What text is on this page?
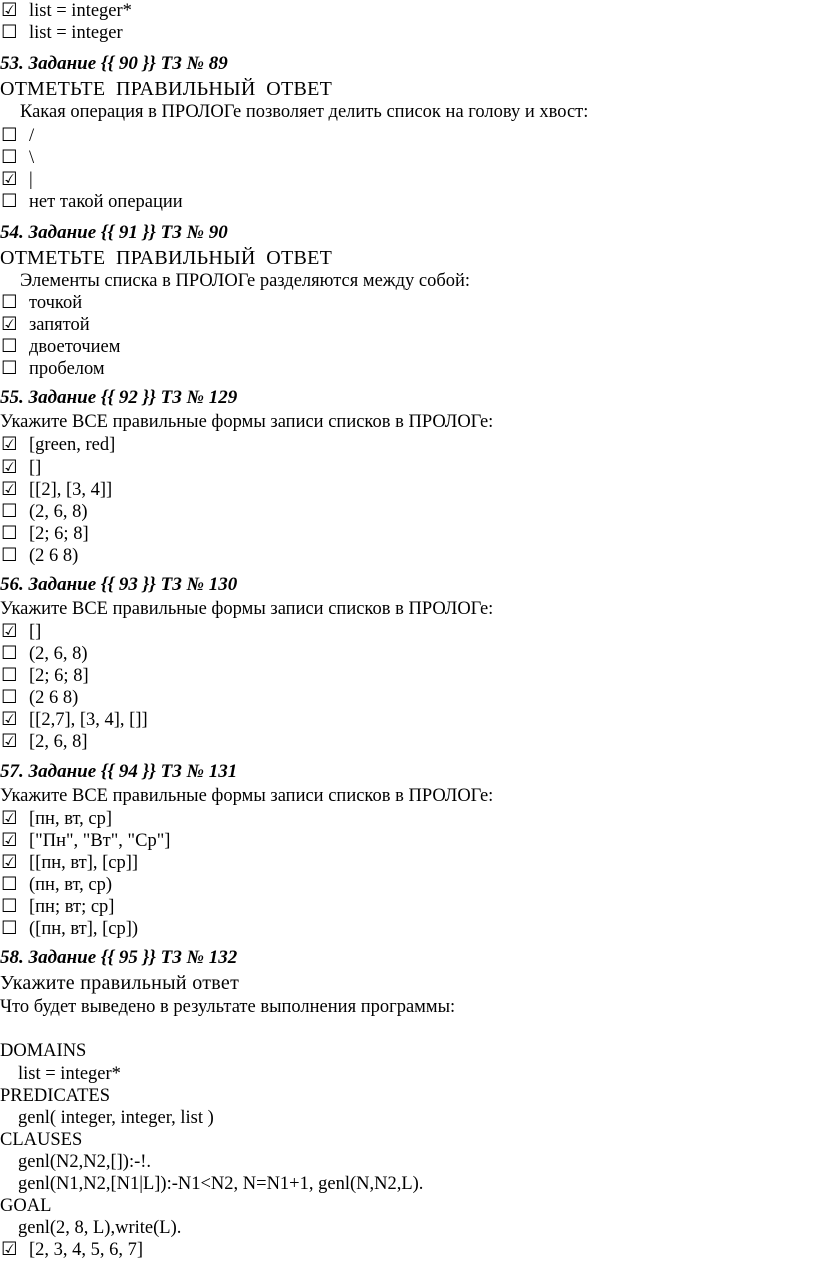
☑ list = integer*
☐ list = integer
53. Задание {{ 90 }} ТЗ № 89
ОТМЕТЬТЕ  ПРАВИЛЬНЫЙ  ОТВЕТ
Какая операция в ПРОЛОГе позволяет делить список на голову и хвост:
☐ /
☐ \
☑ |
☐ нет такой операции
54. Задание {{ 91 }} ТЗ № 90
ОТМЕТЬТЕ  ПРАВИЛЬНЫЙ  ОТВЕТ
Элементы списка в ПРОЛОГе разделяются между собой:
☐ точкой
☑ запятой
☐ двоеточием
☐ пробелом
55. Задание {{ 92 }} ТЗ № 129
Укажите ВСЕ правильные формы записи списков в ПРОЛОГе:
☑ [green, red]
☑ []
☑ [[2], [3, 4]]
☐ (2, 6, 8)
☐ [2; 6; 8]
☐ (2 6 8)
56. Задание {{ 93 }} ТЗ № 130
Укажите ВСЕ правильные формы записи списков в ПРОЛОГе:
☑ []
☐ (2, 6, 8)
☐ [2; 6; 8]
☐ (2 6 8)
☑ [[2,7], [3, 4], []]
☑ [2, 6, 8]
57. Задание {{ 94 }} ТЗ № 131
Укажите ВСЕ правильные формы записи списков в ПРОЛОГе:
☑ [пн, вт, ср]
☑ ["Пн", "Вт", "Ср"]
☑ [[пн, вт], [ср]]
☐ (пн, вт, ср)
☐ [пн; вт; ср]
☐ ([пн, вт], [ср])
58. Задание {{ 95 }} ТЗ № 132
Укажите правильный ответ
Что будет выведено в результате выполнения программы:
DOMAINS
list = integer*
PREDICATES
genl( integer, integer, list )
CLAUSES
genl(N2,N2,[]):-!.
genl(N1,N2,[N1|L]):-N1<N2, N=N1+1, genl(N,N2,L).
GOAL
genl(2, 8, L),write(L).
☑ [2, 3, 4, 5, 6, 7]
